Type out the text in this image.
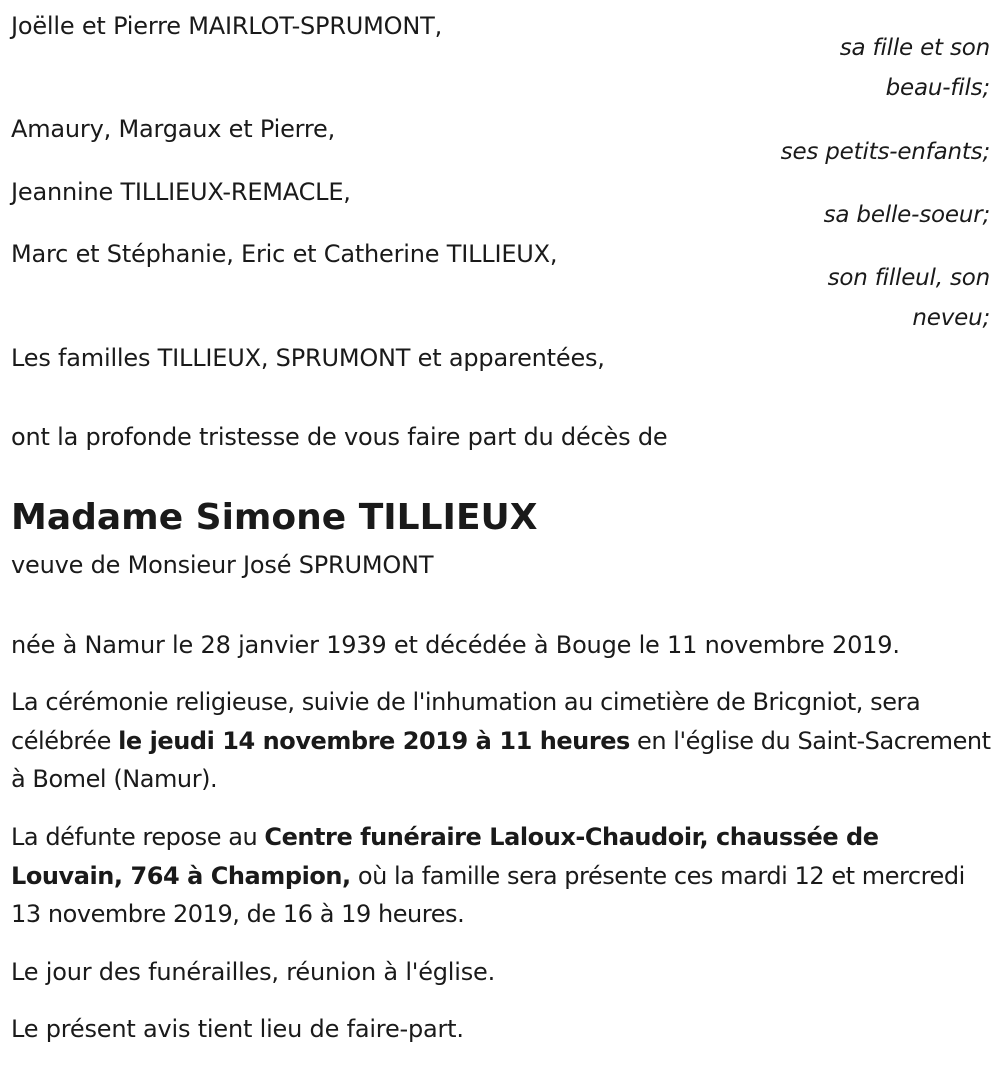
Joëlle et Pierre MAIRLOT-SPRUMONT,
sa fille et son
beau-fils;
Amaury, Margaux et Pierre,
ses petits-enfants;
Jeannine TILLIEUX-REMACLE,
sa belle-soeur;
Marc et Stéphanie, Eric et Catherine TILLIEUX,
son filleul, son
neveu;
Les familles TILLIEUX, SPRUMONT et apparentées,
ont la profonde tristesse de vous faire part du décès de
Madame Simone TILLIEUX
veuve de Monsieur José SPRUMONT
née à Namur le 28 janvier 1939 et décédée à Bouge le 11 novembre 2019.
La cérémonie religieuse, suivie de l'inhumation au cimetière de Bricgniot, sera célébrée le jeudi 14 novembre 2019 à 11 heures en l'église du Saint-Sacrement à Bomel (Namur).
La défunte repose au Centre funéraire Laloux-Chaudoir, chaussée de Louvain, 764 à Champion, où la famille sera présente ces mardi 12 et mercredi 13 novembre 2019, de 16 à 19 heures.
Le jour des funérailles, réunion à l'église.
Le présent avis tient lieu de faire-part.
